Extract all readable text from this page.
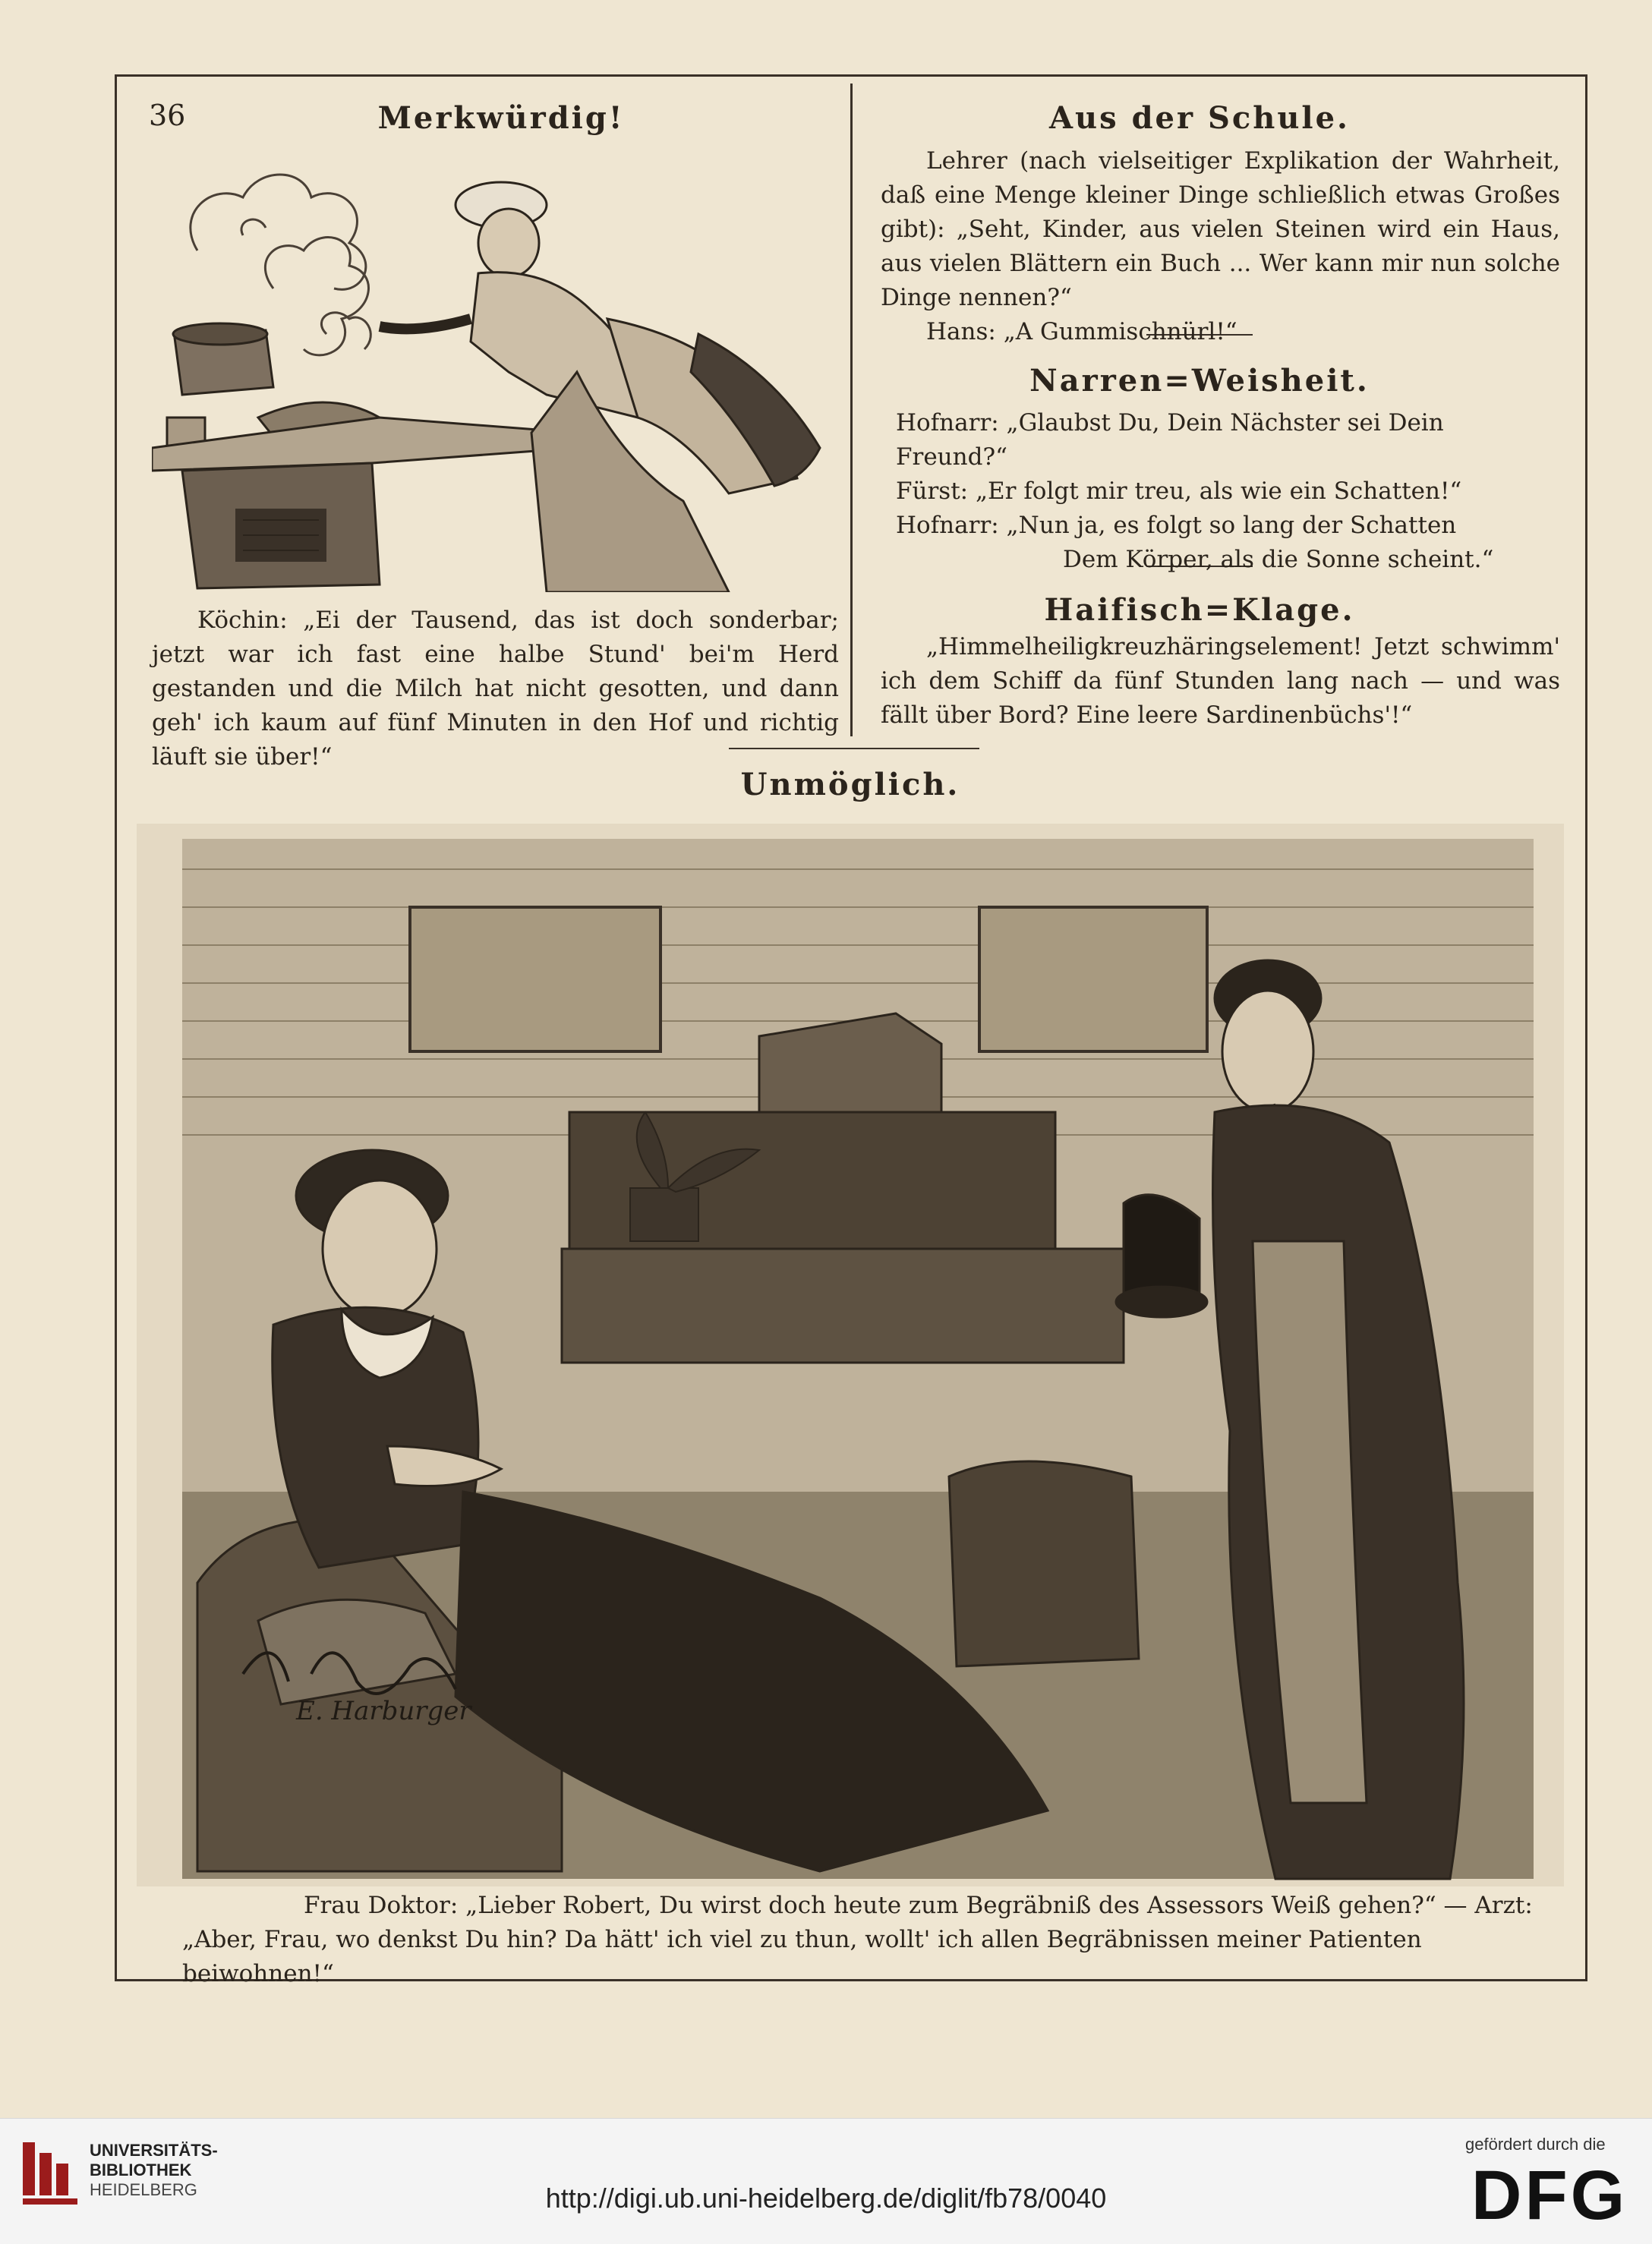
36	Merkwürdig!
Köchin: „Ei der Tausend, das ist doch sonderbar; jetzt war ich fast eine halbe Stund' bei'm Herd gestanden und die Milch hat nicht gesotten, und dann geh' ich kaum auf fünf Minuten in den Hof und richtig läuft sie über!“
Aus der Schule.

Lehrer (nach vielseitiger Explikation der Wahrheit, daß eine Menge kleiner Dinge schließlich etwas Großes gibt): „Seht, Kinder, aus vielen Steinen wird ein Haus, aus vielen Blättern ein Buch ... Wer kann mir nun solche Dinge nennen?“

Hans: „A Gummischnürl!“

Narren=Weisheit.

Hofnarr: „Glaubst Du, Dein Nächster sei Dein Freund?“

Fürst: „Er folgt mir treu, als wie ein Schatten!“

Hofnarr: „Nun ja, es folgt so lang der Schatten

Dem Körper, als die Sonne scheint.“

Haifisch=Klage.
„Himmelheiligkreuzhäringselement! Jetzt schwimm' ich dem Schiff da fünf Stunden lang nach — und was fällt über Bord? Eine leere Sardinenbüchs'!“
Unmöglich.
E. Harburger
Frau Doktor: „Lieber Robert, Du wirst doch heute zum Begräbniß des Assessors Weiß gehen?“ — Arzt:
„Aber, Frau, wo denkst Du hin? Da hätt' ich viel zu thun, wollt' ich allen Begräbnissen meiner Patienten beiwohnen!“
UNIVERSITÄTS-
BIBLIOTHEK
HEIDELBERG	http://digi.ub.uni-heidelberg.de/diglit/fb78/0040
gefördert durch die
DFG
